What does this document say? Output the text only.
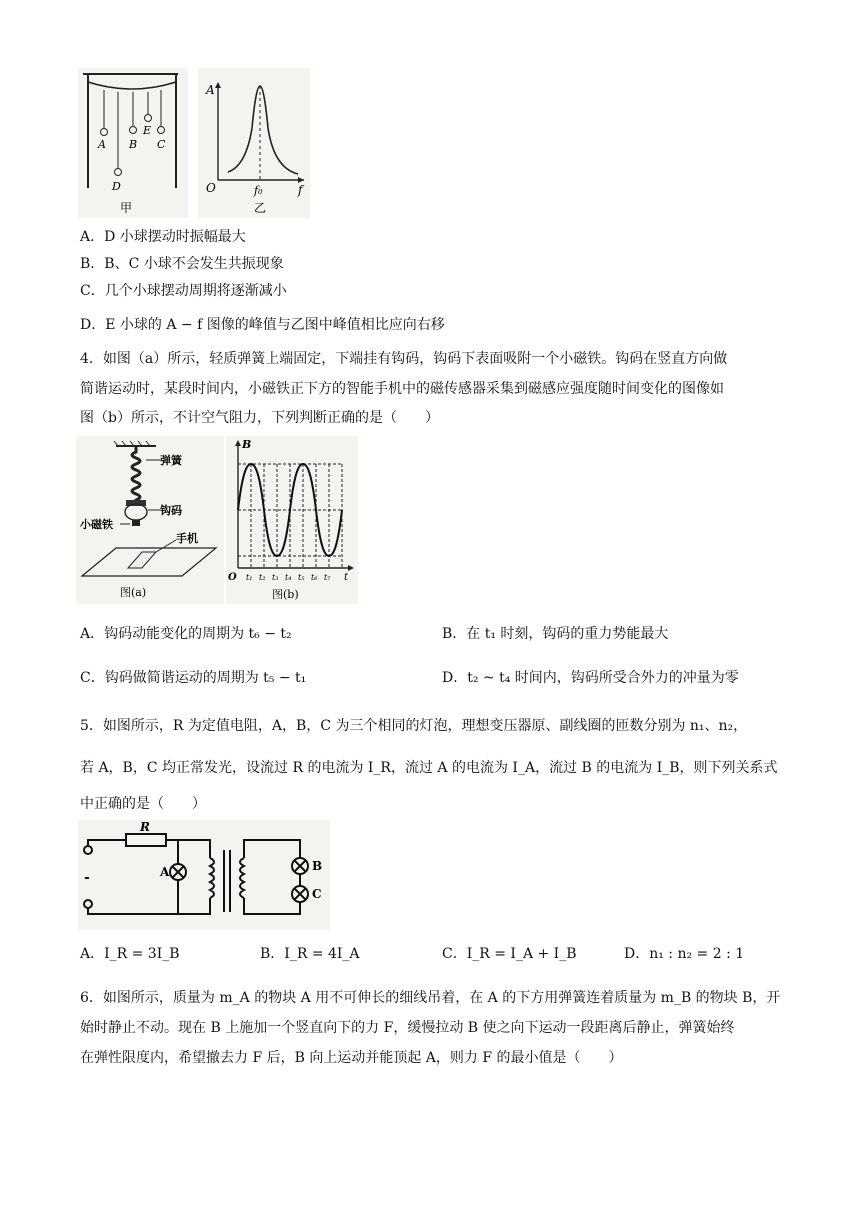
A B
E
C
D
甲
A
O	f₀	f
乙
A．D 小球摆动时振幅最大
B．B、C 小球不会发生共振现象
C．几个小球摆动周期将逐渐减小
D．E 小球的 A − f 图像的峰值与乙图中峰值相比应向右移
4．如图（a）所示，轻质弹簧上端固定，下端挂有钩码，钩码下表面吸附一个小磁铁。钩码在竖直方向做
简谐运动时，某段时间内，小磁铁正下方的智能手机中的磁传感器采集到磁感应强度随时间变化的图像如
图（b）所示，不计空气阻力，下列判断正确的是（　　）
弹簧
钩码
小磁铁
手机
图(a)
B
O t₁ t₂ t₃ t₄ t₅ t₆ t₇ t
图(b)
A．钩码动能变化的周期为 t₆ − t₂	B．在 t₁ 时刻，钩码的重力势能最大
C．钩码做简谐运动的周期为 t₅ − t₁	D．t₂ ~ t₄ 时间内，钩码所受合外力的冲量为零
5．如图所示，R 为定值电阻，A，B，C 为三个相同的灯泡，理想变压器原、副线圈的匝数分别为 n₁、n₂，
若 A，B，C 均正常发光，设流过 R 的电流为 I_R，流过 A 的电流为 I_A，流过 B 的电流为 I_B，则下列关系式
中正确的是（　　）
R
A	B
C
-
A．I_R = 3I_B	B．I_R = 4I_A	C．I_R = I_A + I_B	D．n₁ : n₂ = 2 : 1
6．如图所示，质量为 m_A 的物块 A 用不可伸长的细线吊着，在 A 的下方用弹簧连着质量为 m_B 的物块 B，开
始时静止不动。现在 B 上施加一个竖直向下的力 F，缓慢拉动 B 使之向下运动一段距离后静止，弹簧始终
在弹性限度内，希望撤去力 F 后，B 向上运动并能顶起 A，则力 F 的最小值是（　　）
